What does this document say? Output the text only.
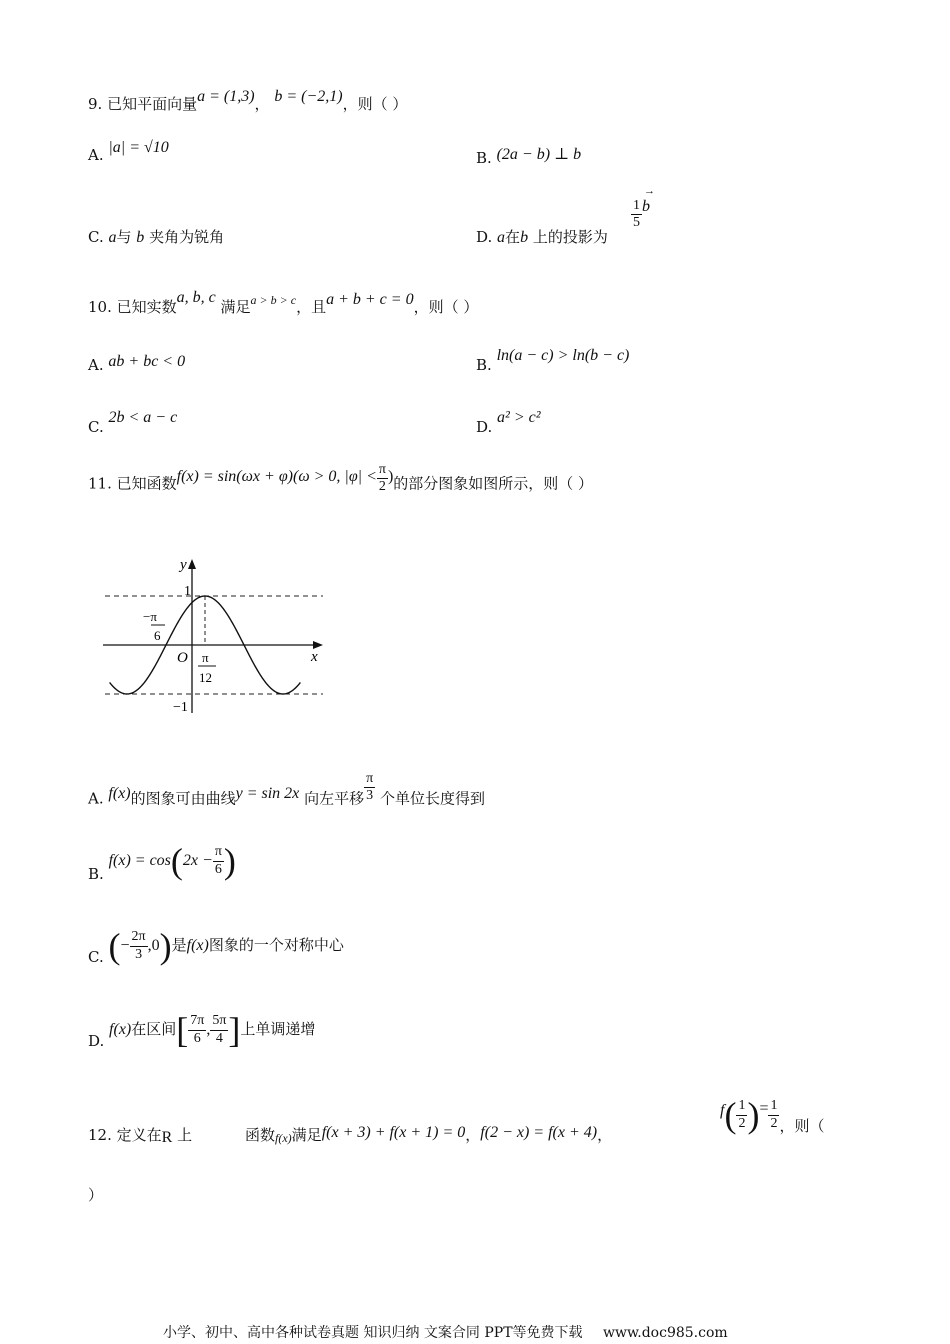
9. 已知平面向量a = (1,3)， b = (−2,1)，则（ ）
A. |a| = √10
B. (2a − b) ⊥ b
C. a与 b 夹角为锐角	D. a在b 上的投影为
$\frac{1}{5}$
→
b
10. 已知实数a, b, c 满足$^{a > b > c}$，且a + b + c = 0，则（ ）
A. ab + bc < 0	B. ln(a − c) > ln(b − c)
C. 2b < a − c
D. a² > c²
11. 已知函数f(x) = sin(ωx + φ)(ω > 0, $|\varphi| < \frac{\pi}{2}$ )的部分图象如图所示，则（ ）
y
x
O
1
−1
−π
6
π
12
A. f(x)的图象可由曲线y = sin 2x 向左平移 $\frac{\pi}{3}$ 个单位长度得到
B. $f(x) = \cos(2x - \frac{\pi}{6}$ )
C. (− $\frac{2\pi}{3} ,0$)是f(x)图象的一个对称中心
D. f(x)在区间[ $\frac{7\pi}{6}$ , $\frac{5\pi}{4}$ ]上单调递增
12. 定义在R 上	函数$_{f(x)}$满足f(x + 3) + f(x + 1) = 0，f(2 − x) = f(x + 4)，
$f( \frac{1}{2}$ )= $\frac{1}{2}$ ，则（
）
小学、初中、高中各种试卷真题 知识归纳 文案合同 PPT等免费下载 www.doc985.com
